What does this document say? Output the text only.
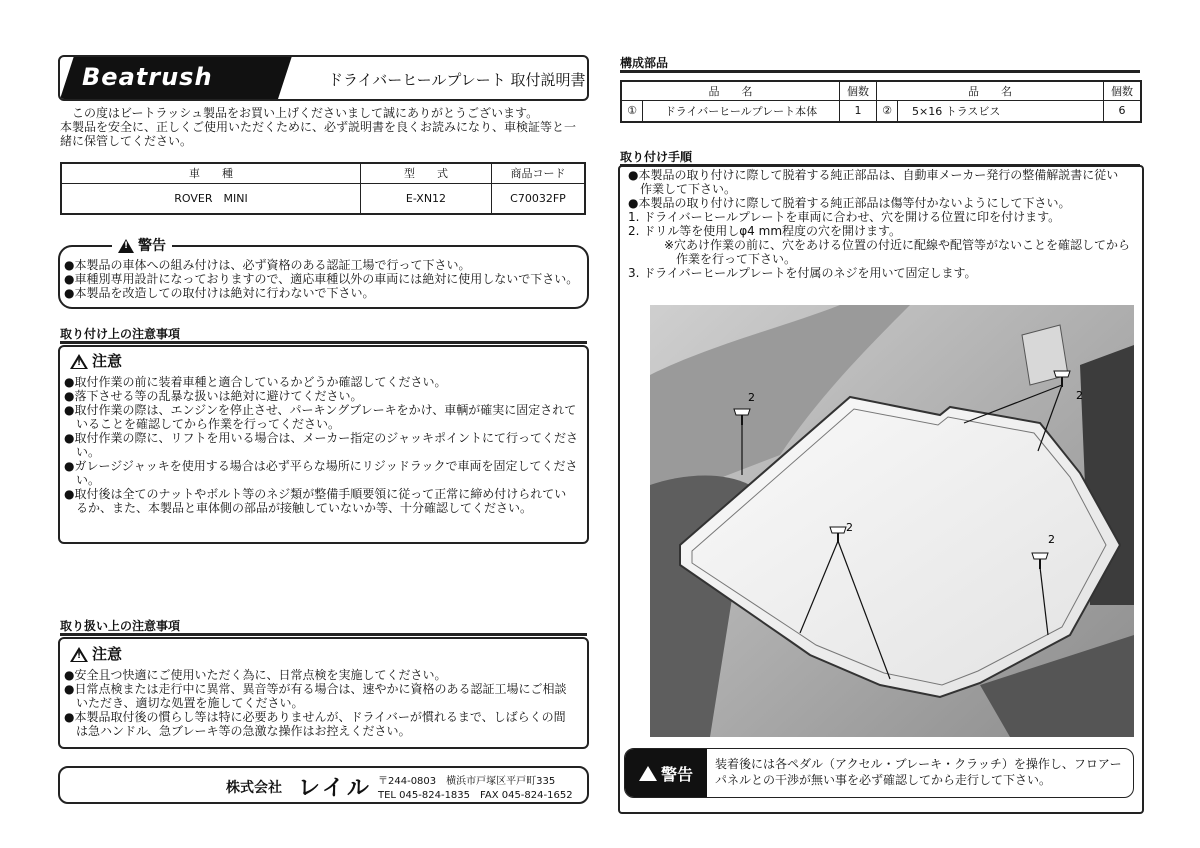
Beatrush	ドライバーヒールプレート 取付説明書
この度はビートラッシュ製品をお買い上げくださいまして誠にありがとうございます。
本製品を安全に、正しくご使用いただくために、必ず説明書を良くお読みになり、車検証等と一
緒に保管してください。
車　　種	型　　式	商品コード
ROVER　MINI	E-XN12	C70032FP
!警告
●本製品の車体への組み付けは、必ず資格のある認証工場で行って下さい。
●車種別専用設計になっておりますので、適応車種以外の車両には絶対に使用しないで下さい。
●本製品を改造しての取付けは絶対に行わないで下さい。
取り付け上の注意事項
!注意
●取付作業の前に装着車種と適合しているかどうか確認してください。
●落下させる等の乱暴な扱いは絶対に避けてください。
●取付作業の際は、エンジンを停止させ、パーキングブレーキをかけ、車輌が確実に固定されて
　いることを確認してから作業を行ってください。
●取付作業の際に、リフトを用いる場合は、メーカー指定のジャッキポイントにて行ってくださ
　い。
●ガレージジャッキを使用する場合は必ず平らな場所にリジッドラックで車両を固定してくださ
　い。
●取付後は全てのナットやボルト等のネジ類が整備手順要領に従って正常に締め付けられてい
　るか、また、本製品と車体側の部品が接触していないか等、十分確認してください。
取り扱い上の注意事項
!注意
●安全且つ快適にご使用いただく為に、日常点検を実施してください。
●日常点検または走行中に異常、異音等が有る場合は、速やかに資格のある認証工場にご相談
　いただき、適切な処置を施してください。
●本製品取付後の慣らし等は特に必要ありませんが、ドライバーが慣れるまで、しばらくの間
　は急ハンドル、急ブレーキ等の急激な操作はお控えください。
株式会社 レイル 〒244-0803　横浜市戸塚区平戸町335
TEL 045-824-1835　FAX 045-824-1652
構成部品
品　　名		個数	品　　名		個数
①	ドライバーヒールプレート本体	1	②	5×16 トラスビス	6
取り付け手順
●本製品の取り付けに際して脱着する純正部品は、自動車メーカー発行の整備解説書に従い
　作業して下さい。
●本製品の取り付けに際して脱着する純正部品は傷等付かないようにして下さい。
1. ドライバーヒールプレートを車両に合わせ、穴を開ける位置に印を付けます。
2. ドリル等を使用しφ4 mm程度の穴を開けます。
　　　※穴あけ作業の前に、穴をあける位置の付近に配線や配管等がないことを確認してから
　　　　作業を行って下さい。
3. ドライバーヒールプレートを付属のネジを用いて固定します。
2	2
2
2
警告
装着後には各ペダル（アクセル・ブレーキ・クラッチ）を操作し、フロアー
パネルとの干渉が無い事を必ず確認してから走行して下さい。
